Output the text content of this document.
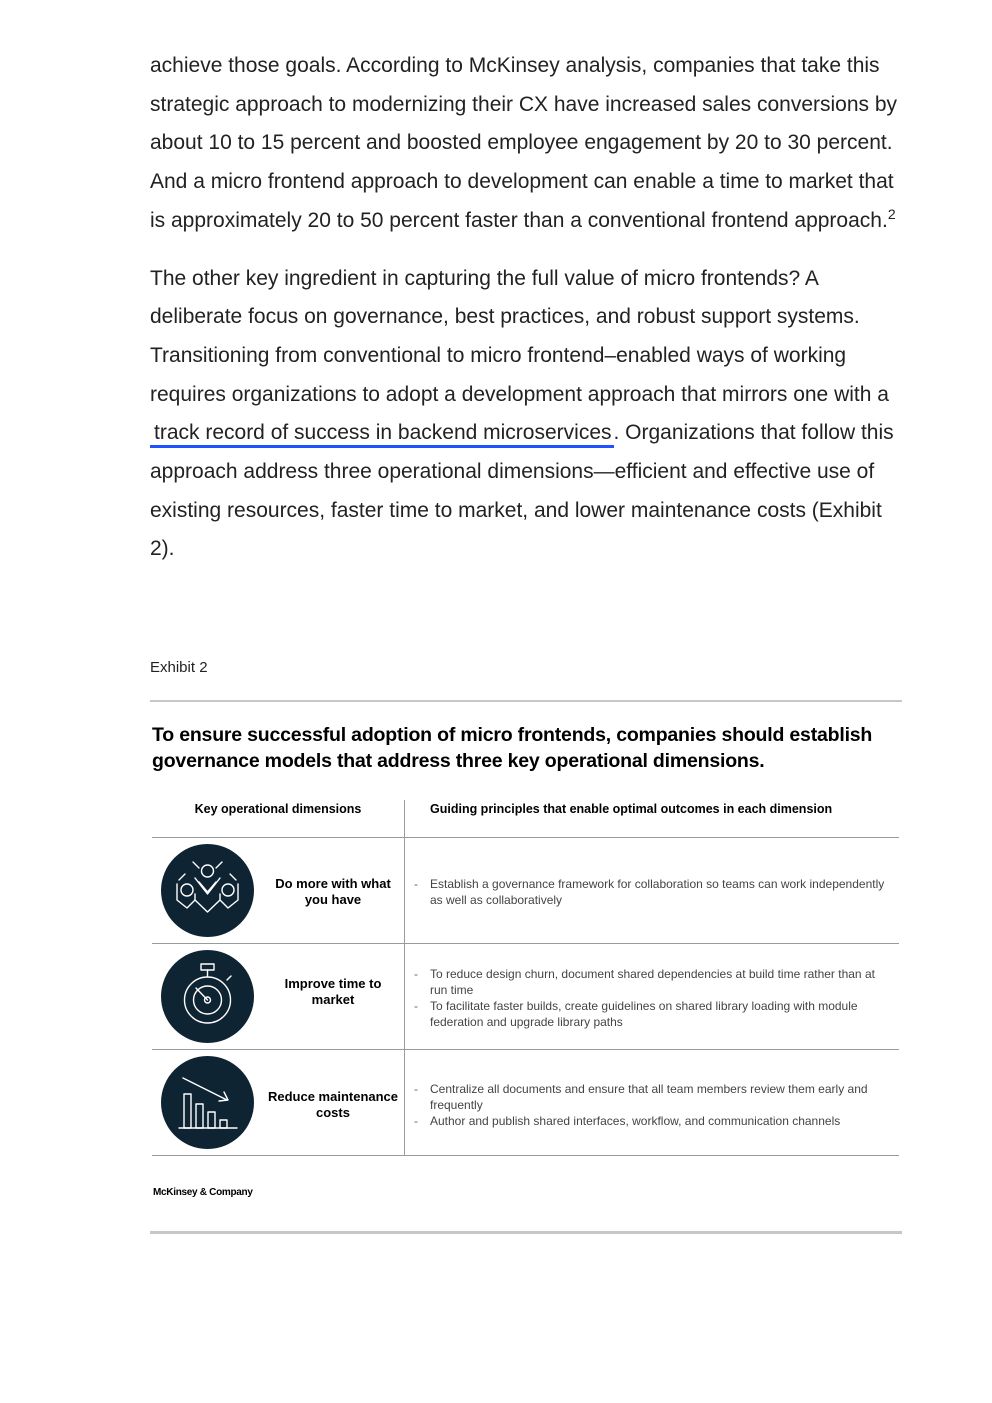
achieve those goals. According to McKinsey analysis, companies that take this strategic approach to modernizing their CX have increased sales conversions by about 10 to 15 percent and boosted employee engagement by 20 to 30 percent. And a micro frontend approach to development can enable a time to market that is approximately 20 to 50 percent faster than a conventional frontend approach.$^2$

The other key ingredient in capturing the full value of micro frontends? A deliberate focus on governance, best practices, and robust support systems. Transitioning from conventional to micro frontend–enabled ways of working requires organizations to adopt a development approach that mirrors one with a track record of success in backend microservices. Organizations that follow this approach address three operational dimensions—efficient and effective use of existing resources, faster time to market, and lower maintenance costs (Exhibit 2).

Exhibit 2
To ensure successful adoption of micro frontends, companies should establish governance models that address three key operational dimensions.
Key operational dimensions	Guiding principles that enable optimal outcomes in each dimension
Do more with what you have
- Establish a governance framework for collaboration so teams can work independently as well as collaboratively
Improve time to market
- To reduce design churn, document shared dependencies at build time rather than at run time
- To facilitate faster builds, create guidelines on shared library loading with module federation and upgrade library paths
Reduce maintenance costs
- Centralize all documents and ensure that all team members review them early and frequently
- Author and publish shared interfaces, workflow, and communication channels
McKinsey & Company
